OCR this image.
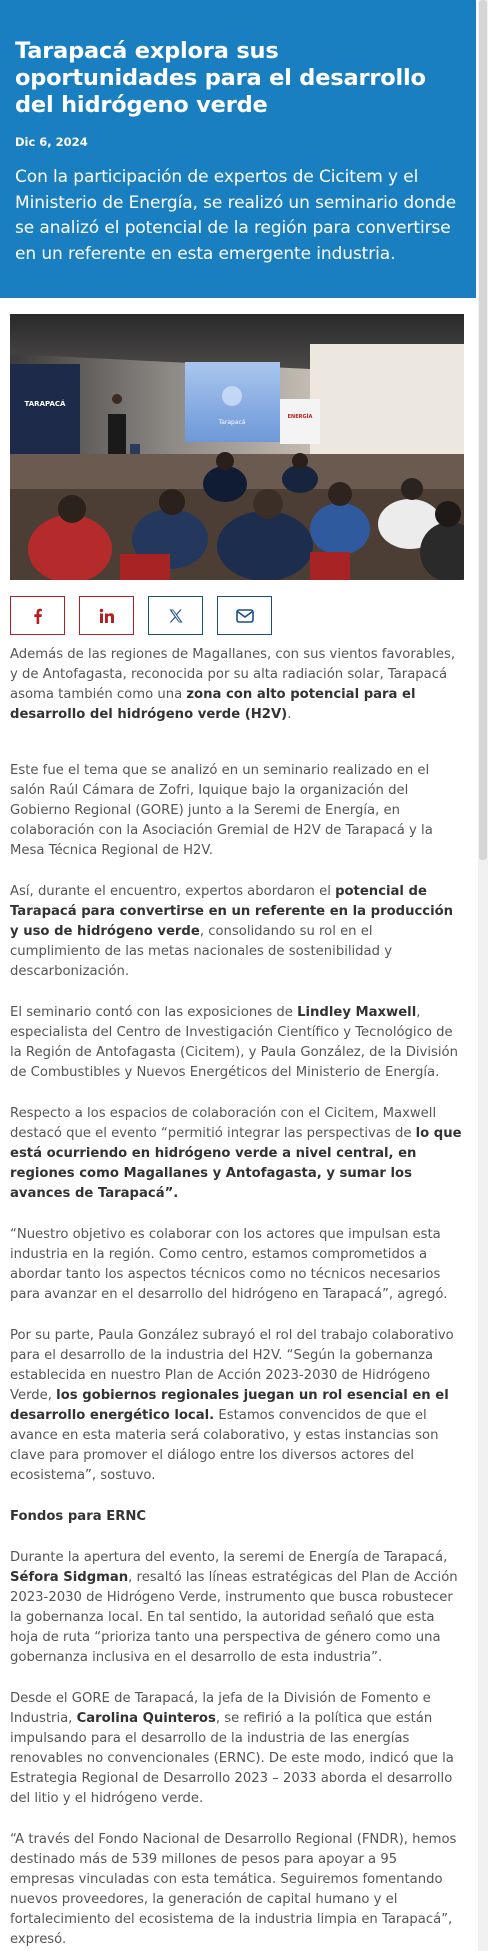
Tarapacá explora sus oportunidades para el desarrollo del hidrógeno verde
Dic 6, 2024

Con la participación de expertos de Cicitem y el Ministerio de Energía, se realizó un seminario donde se analizó el potencial de la región para convertirse en un referente en esta emergente industria.

Tarapacá
TARAPACÁ
ENERGÍA

Además de las regiones de Magallanes, con sus vientos favorables, y de Antofagasta, reconocida por su alta radiación solar, Tarapacá asoma también como una zona con alto potencial para el desarrollo del hidrógeno verde (H2V).

Este fue el tema que se analizó en un seminario realizado en el salón Raúl Cámara de Zofri, Iquique bajo la organización del Gobierno Regional (GORE) junto a la Seremi de Energía, en colaboración con la Asociación Gremial de H2V de Tarapacá y la Mesa Técnica Regional de H2V.

Así, durante el encuentro, expertos abordaron el potencial de Tarapacá para convertirse en un referente en la producción y uso de hidrógeno verde, consolidando su rol en el cumplimiento de las metas nacionales de sostenibilidad y descarbonización.

El seminario contó con las exposiciones de Lindley Maxwell, especialista del Centro de Investigación Científico y Tecnológico de la Región de Antofagasta (Cicitem), y Paula González, de la División de Combustibles y Nuevos Energéticos del Ministerio de Energía.

Respecto a los espacios de colaboración con el Cicitem, Maxwell destacó que el evento “permitió integrar las perspectivas de lo que está ocurriendo en hidrógeno verde a nivel central, en regiones como Magallanes y Antofagasta, y sumar los avances de Tarapacá”.

“Nuestro objetivo es colaborar con los actores que impulsan esta industria en la región. Como centro, estamos comprometidos a abordar tanto los aspectos técnicos como no técnicos necesarios para avanzar en el desarrollo del hidrógeno en Tarapacá”, agregó.

Por su parte, Paula González subrayó el rol del trabajo colaborativo para el desarrollo de la industria del H2V. “Según la gobernanza establecida en nuestro Plan de Acción 2023-2030 de Hidrógeno Verde, los gobiernos regionales juegan un rol esencial en el desarrollo energético local. Estamos convencidos de que el avance en esta materia será colaborativo, y estas instancias son clave para promover el diálogo entre los diversos actores del ecosistema”, sostuvo.

Fondos para ERNC

Durante la apertura del evento, la seremi de Energía de Tarapacá, Séfora Sidgman, resaltó las líneas estratégicas del Plan de Acción 2023-2030 de Hidrógeno Verde, instrumento que busca robustecer la gobernanza local. En tal sentido, la autoridad señaló que esta hoja de ruta “prioriza tanto una perspectiva de género como una gobernanza inclusiva en el desarrollo de esta industria”.

Desde el GORE de Tarapacá, la jefa de la División de Fomento e Industria, Carolina Quinteros, se refirió a la política que están impulsando para el desarrollo de la industria de las energías renovables no convencionales (ERNC). De este modo, indicó que la Estrategia Regional de Desarrollo 2023 – 2033 aborda el desarrollo del litio y el hidrógeno verde.

“A través del Fondo Nacional de Desarrollo Regional (FNDR), hemos destinado más de 539 millones de pesos para apoyar a 95 empresas vinculadas con esta temática. Seguiremos fomentando nuevos proveedores, la generación de capital humano y el fortalecimiento del ecosistema de la industria limpia en Tarapacá”, expresó.
